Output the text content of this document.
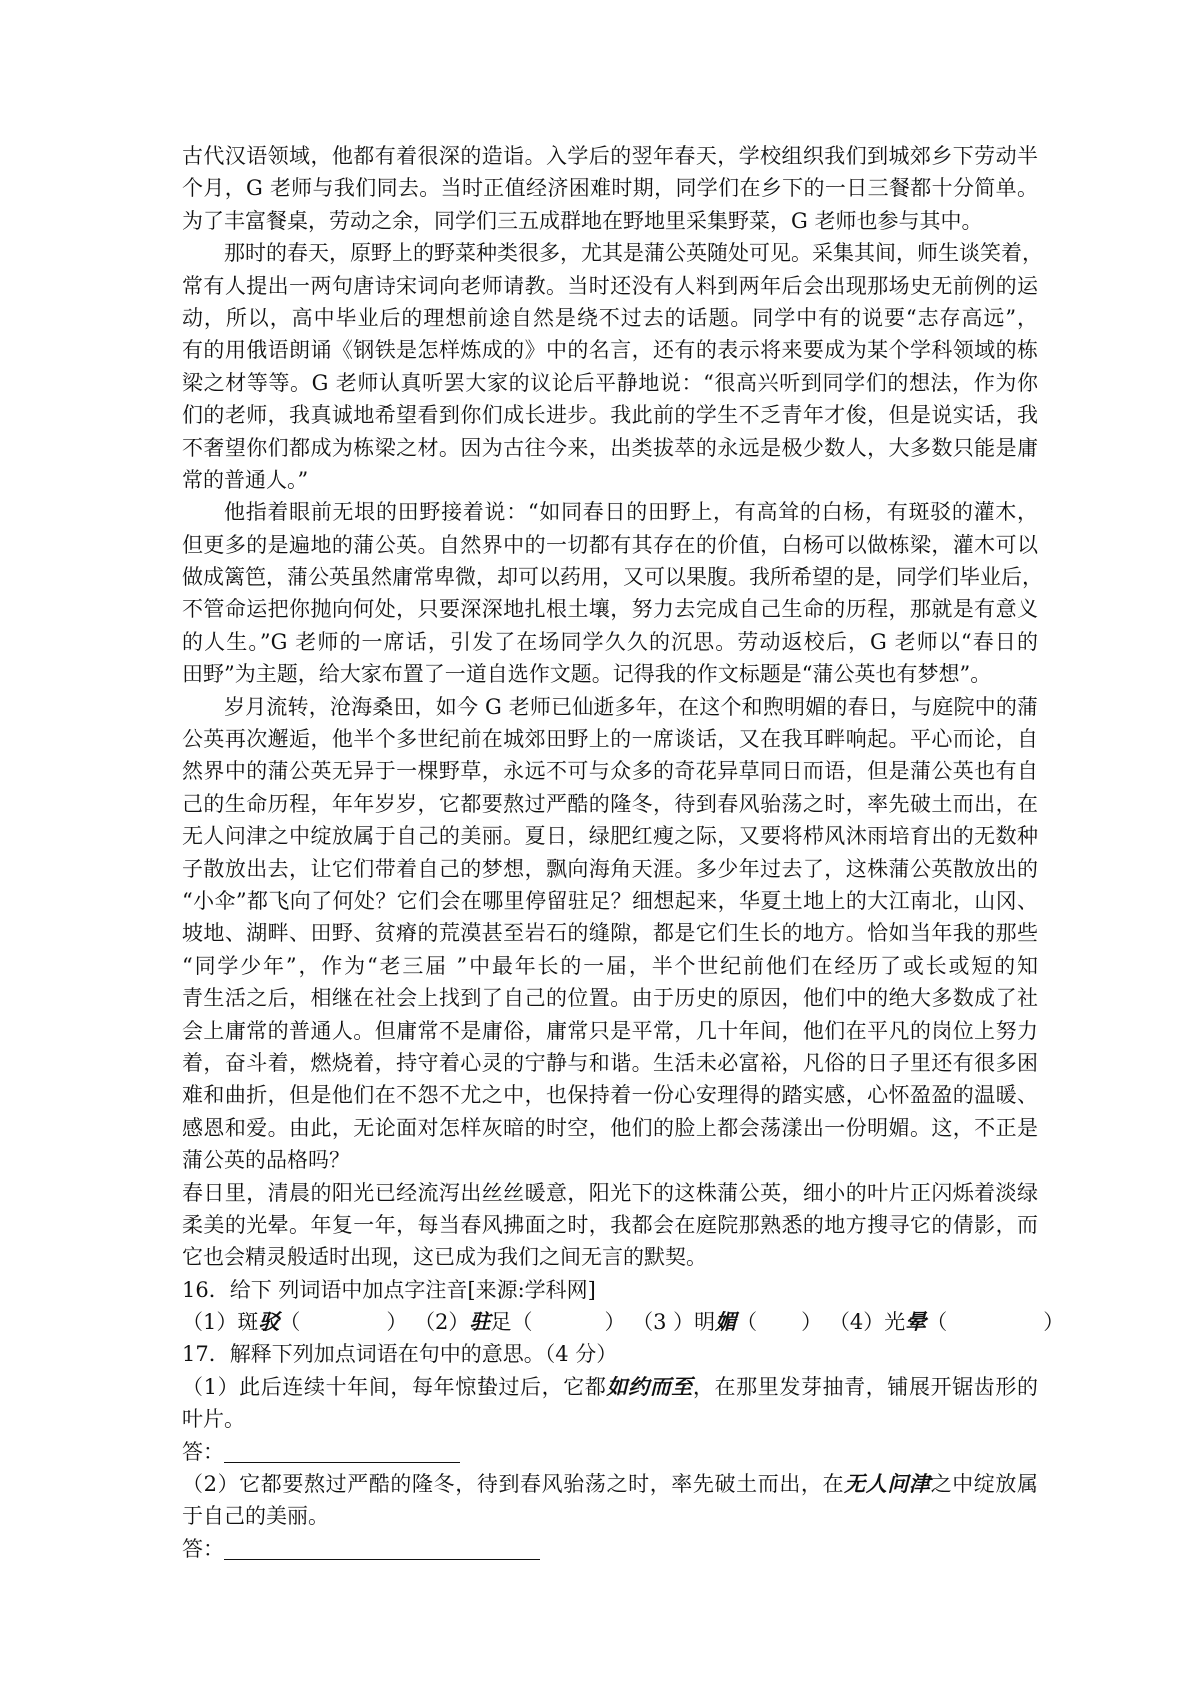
古代汉语领域，他都有着很深的造诣。入学后的翌年春天，学校组织我们到城郊乡下劳动半
个月，G 老师与我们同去。当时正值经济困难时期，同学们在乡下的一日三餐都十分简单。
为了丰富餐桌，劳动之余，同学们三五成群地在野地里采集野菜，G 老师也参与其中。
那时的春天，原野上的野菜种类很多，尤其是蒲公英随处可见。采集其间，师生谈笑着，
常有人提出一两句唐诗宋词向老师请教。当时还没有人料到两年后会出现那场史无前例的运
动，所以，高中毕业后的理想前途自然是绕不过去的话题。同学中有的说要“志存高远”，
有的用俄语朗诵《钢铁是怎样炼成的》中的名言，还有的表示将来要成为某个学科领域的栋
梁之材等等。G 老师认真听罢大家的议论后平静地说：“很高兴听到同学们的想法，作为你
们的老师，我真诚地希望看到你们成长进步。我此前的学生不乏青年才俊，但是说实话，我
不奢望你们都成为栋梁之材。因为古往今来，出类拔萃的永远是极少数人，大多数只能是庸
常的普通人。”
他指着眼前无垠的田野接着说：“如同春日的田野上，有高耸的白杨，有斑驳的灌木，
但更多的是遍地的蒲公英。自然界中的一切都有其存在的价值，白杨可以做栋梁，灌木可以
做成篱笆，蒲公英虽然庸常卑微，却可以药用，又可以果腹。我所希望的是，同学们毕业后，
不管命运把你抛向何处，只要深深地扎根土壤，努力去完成自己生命的历程，那就是有意义
的人生。”G 老师的一席话，引发了在场同学久久的沉思。劳动返校后，G 老师以“春日的
田野”为主题，给大家布置了一道自选作文题。记得我的作文标题是“蒲公英也有梦想”。
岁月流转，沧海桑田，如今 G 老师已仙逝多年，在这个和煦明媚的春日，与庭院中的蒲
公英再次邂逅，他半个多世纪前在城郊田野上的一席谈话，又在我耳畔响起。平心而论，自
然界中的蒲公英无异于一棵野草，永远不可与众多的奇花异草同日而语，但是蒲公英也有自
己的生命历程，年年岁岁，它都要熬过严酷的隆冬，待到春风骀荡之时，率先破土而出，在
无人问津之中绽放属于自己的美丽。夏日，绿肥红瘦之际，又要将栉风沐雨培育出的无数种
子散放出去，让它们带着自己的梦想，飘向海角天涯。多少年过去了，这株蒲公英散放出的
“小伞”都飞向了何处？它们会在哪里停留驻足？细想起来，华夏土地上的大江南北，山冈、
坡地、湖畔、田野、贫瘠的荒漠甚至岩石的缝隙，都是它们生长的地方。恰如当年我的那些
“同学少年”，作为“老三届 ”中最年长的一届，半个世纪前他们在经历了或长或短的知
青生活之后，相继在社会上找到了自己的位置。由于历史的原因，他们中的绝大多数成了社
会上庸常的普通人。但庸常不是庸俗，庸常只是平常，几十年间，他们在平凡的岗位上努力
着，奋斗着，燃烧着，持守着心灵的宁静与和谐。生活未必富裕，凡俗的日子里还有很多困
难和曲折，但是他们在不怨不尤之中，也保持着一份心安理得的踏实感，心怀盈盈的温暖、
感恩和爱。由此，无论面对怎样灰暗的时空，他们的脸上都会荡漾出一份明媚。这，不正是
蒲公英的品格吗？
春日里，清晨的阳光已经流泻出丝丝暖意，阳光下的这株蒲公英，细小的叶片正闪烁着淡绿
柔美的光晕。年复一年，每当春风拂面之时，我都会在庭院那熟悉的地方搜寻它的倩影，而
它也会精灵般适时出现，这已成为我们之间无言的默契。
16．给下 列词语中加点字注音[来源:学科网]
（1）斑驳（	） （2）驻足（	） （3 ）明媚（ ） （4）光晕（	）
17．解释下列加点词语在句中的意思。（4 分）
（1）此后连续十年间，每年惊蛰过后，它都如约而至，在那里发芽抽青，铺展开锯齿形的
叶片。
答：
（2）它都要熬过严酷的隆冬，待到春风骀荡之时，率先破土而出，在无人问津之中绽放属
于自己的美丽。
答：
